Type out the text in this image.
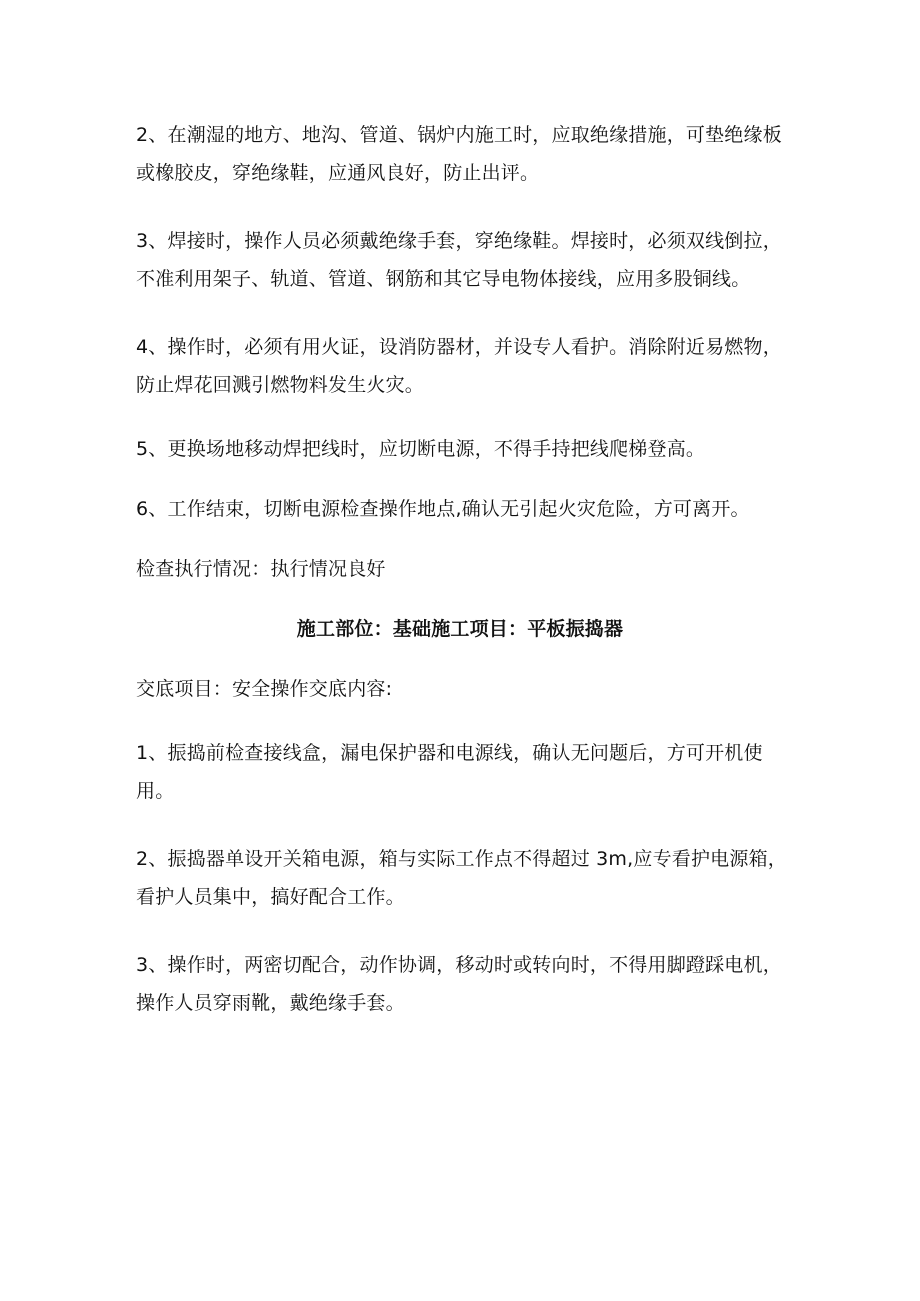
2、在潮湿的地方、地沟、管道、锅炉内施工时，应取绝缘措施，可垫绝缘板或橡胶皮，穿绝缘鞋，应通风良好，防止出评。

3、焊接时，操作人员必须戴绝缘手套，穿绝缘鞋。焊接时，必须双线倒拉，不准利用架子、轨道、管道、钢筋和其它导电物体接线，应用多股铜线。

4、操作时，必须有用火证，设消防器材，并设专人看护。消除附近易燃物，防止焊花回溅引燃物料发生火灾。

5、更换场地移动焊把线时，应切断电源，不得手持把线爬梯登高。

6、工作结束，切断电源检查操作地点,确认无引起火灾危险，方可离开。

检查执行情况：执行情况良好

施工部位：基础施工项目：平板振捣器

交底项目：安全操作交底内容:

1、振捣前检查接线盒，漏电保护器和电源线，确认无问题后，方可开机使用。

2、振捣器单设开关箱电源，箱与实际工作点不得超过 3m,应专看护电源箱，看护人员集中，搞好配合工作。

3、操作时，两密切配合，动作协调，移动时或转向时，不得用脚蹬踩电机，操作人员穿雨靴，戴绝缘手套。
